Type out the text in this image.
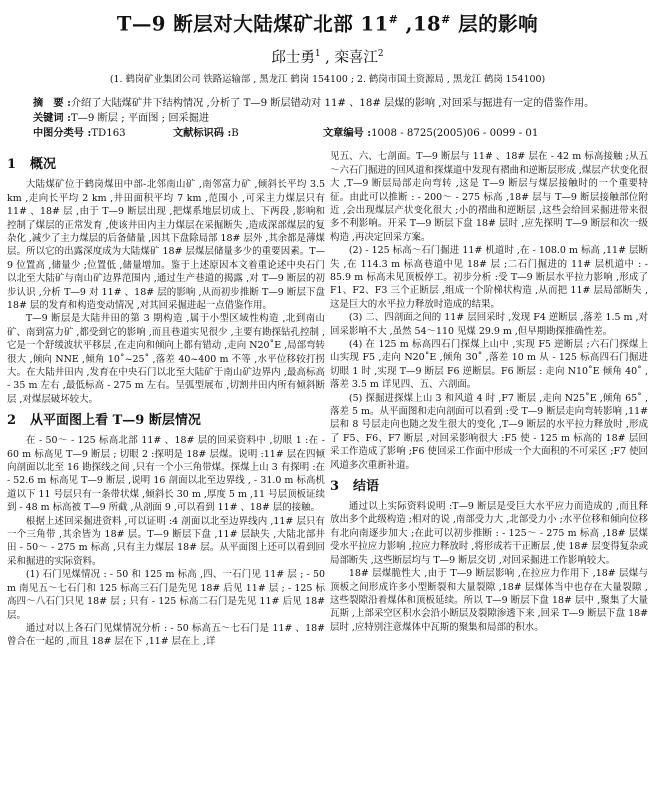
T—9 断层对大陆煤矿北部 11# ,18# 层的影响
邱士勇$^1$ , 栾喜江$^2$
(1. 鹤岗矿业集团公司 铁路运输部 , 黑龙江 鹤岗 154100 ; 2. 鹤岗市国土资源局 , 黑龙江 鹤岗 154100)
摘　要 :介绍了大陆煤矿井下结构情况 ,分析了 T—9 断层错动对 11# 、18# 层煤的影响 ,对回采与掘进有一定的借鉴作用。
关键词 :T—9 断层 ; 平面图 ; 回采掘进
中图分类号 :TD163	文献标识码 :B	文章编号 :1008 - 8725(2005)06 - 0099 - 01
1 概况

大陆煤矿位于鹤岗煤田中部-北邻南山矿 ,南邻富力矿 ,倾斜长平均 3.5 km ,走向长平均 2 km ,井田面积平均 7 km ,范围小 ,可采主力煤层只有 11# 、18# 层 ,由于 T—9 断层出现 ,把煤系地层切成上、下两段 ,影响和控制了煤层的正常发育 ,使该井田内主力煤层在采掘断失 ,造成深部煤层的复杂化 ,减少了主力煤层的后备储量 ,因其下盘除局部 18# 层外 ,其余都是薄煤层。所以它的出露深度成为大陆煤矿 18# 层煤层储量多少的重要因素。T—9 位置高 ,储量少 ;位置低 ,储量增加。鉴于上述原因本文着重论述中央石门以北至大陆矿与南山矿边界范围内 ,通过生产巷道的揭露 ,对 T—9 断层的初步认识 ,分析 T—9 对 11# 、18# 层的影响 ,从而初步推断 T—9 断层下盘 18# 层的发育和构造变动情况 ,对其回采掘进起一点借鉴作用。

T—9 断层是大陆井田的第 3 期构造 ,属于小型区域性构造 ,北到南山矿、南到富力矿 ,都受到它的影响 ,而且巷道实见很少 ,主要有勘探钻孔控制 ,它是一个舒缓波状平移层 ,在走向和倾向上都有错动 ,走向 N20˚E ,局部弯转很大 ,倾向 NNE ,倾角 10˚~25˚ ,落差 40~400 m 不等 ,水平位移较打拐大。在大陆井田内 ,发育在中央石门以北至大陆矿于南山矿边界内 ,最高标高 - 35 m 左右 ,最低标高 - 275 m 左右。呈弧型展布 ,切割井田内所有倾斜断层 ,对煤层破坏较大。

2 从平面图上看 T—9 断层情况

在 - 50～ - 125 标高北部 11# 、18# 层的回采资料中 ,切眼 1 :在 - 60 m 标高见 T—9 断层 ; 切眼 2 :探明是 18# 层煤。说明 :11# 层在四倾向剖面以北至 16 勘探线之间 ,只有一个小三角带煤。探煤上山 3 有探明 :在 - 52.6 m 标高见 T—9 断层 ,说明 16 剖面以北至边界线 , - 31.0 m 标高机道以下 11 号层只有一条带状煤 ,倾斜长 30 m ,厚度 5 m ,11 号层顶板证续到 - 48 m 标高被 T—9 所截 ,从剖面 9 ,可以看到 11# 、18# 层的接触。

根据上述回采掘进资料 ,可以证明 :4 剖面以北至边界线内 ,11# 层只有一个三角带 ,其余皆为 18# 层。T—9 断层下盘 ,11# 层缺失 ,大陆北部井田 - 50～ - 275 m 标高 ,只有主力煤层 18# 层。从平面图上还可以看到回采和掘进的实际资料。

(1) 石门见煤情况 : - 50 和 125 m 标高 ,四、一石门见 11# 层 ; - 50 m 南见五～七石门和 125 标高三石门是先见 18# 后见 11# 层 ; - 125 标高四～八石门只见 18# 层 ; 只有 - 125 标高二石门是先见 11# 后见 18# 层。

通过对以上各石门见煤情况分析 : - 50 标高五～七石门是 11# 、18# 曾合在一起的 ,而且 18# 层在下 ,11# 层在上 ,详

见五、六、七剖面。T—9 断层与 11# 、18# 层在 - 42 m 标高接触 ;从五～六石门掘进的回风道和探煤道中发现有褶曲和逆断层形成 ,煤层产状变化很大 ,T—9 断层局部走向弯转 ,这是 T—9 断层与煤层接触时的一个重要特征。由此可以推断 : - 200～ - 275 标高 ,18# 层与 T—9 断层接触部位附近 ,会出现煤层产状变化很大 ;小的褶曲和逆断层 ,这些会给回采掘进带来很多不利影响。开采 T—9 断层下盘 18# 层时 ,应先探明 T—9 断层和次一级构造 ,再决定回采方案。

(2) - 125 标高～石门掘进 11# 机道时 ,在 - 108.0 m 标高 ,11# 层断失 ,在 114.3 m 标高巷道中见 18# 层 ;二石门掘进的 11# 层机道中 : - 85.9 m 标高未见顶板停工。初步分析 :受 T—9 断层水平拉力影响 ,形成了 F1、F2、F3 三个正断层 ,组成一个阶梯状构造 ,从而把 11# 层局部断失 ,这是巨大的水平拉力释放时造成的结果。

(3) 二、四剖面之间的 11# 层回采时 ,发现 F4 逆断层 ,落差 1.5 m ,对回采影响不大 ,虽然 54～110 见煤 29.9 m ,但早期勘探推确性差。

(4) 在 125 m 标高四石门探煤上山中 ,实现 F5 逆断层 ;六石门探煤上山实现 F5 ,走向 N20˚E ,倾角 30˚ ,落差 10 m 从 - 125 标高四石门掘进切眼 1 时 ,实现 T—9 断层 F6 逆断层。F6 断层 : 走向 N10˚E 倾角 40˚ ,落差 3.5 m 详见四、五、六剖面。

(5) 探掘进探煤上山 3 和风道 4 时 ,F7 断层 ,走向 N25˚E ,倾角 65˚ ,落差 5 m。从平面图和走向剖面可以看到 :受 T—9 断层走向弯转影响 ,11# 层和 8 号层走向也随之发生很大的变化 ,T—9 断层的水平拉力释放时 ,形成了 F5、F6、F7 断层 ,对回采影响很大 :F5 使 - 125 m 标高的 18# 层回采工作造成了影响 ;F6 使回采工作面中形成一个大面积的不可采区 ;F7 使回风道多次重新补道。

3 结语

通过以上实际资料说明 :T—9 断层是受巨大水平应力而造成的 ,而且释放出多个此级构造 ;相对的说 ,南部受力大 ,北部受力小 ;水平位移和倾向位移有北向南逐步加大 ;在此可以初步推断 : - 125～ - 275 m 标高 ,18# 层煤受水平拉应力影响 ,拉应力释放时 ,将形成若干正断层 ,使 18# 层变得复杂或局部断失 ,这些断层均与 T—9 断层交切 ,对回采掘进工作影响较大。

18# 层煤脆性大 ,由于 T—9 断层影响 ,在拉应力作用下 ,18# 层煤与顶板之间形成许多小型断裂和大量裂隙 ,18# 层煤体当中也存在大量裂隙 ,这些裂隙沿着煤体和顶板延续。所以 T—9 断层下盘 18# 层中 ,聚集了大量瓦斯 ,上部采空区积水会沿小断层及裂隙渗透下来 ,回采 T—9 断层下盘 18# 层时 ,应特别注意煤体中瓦斯的聚集和局部的积水。
